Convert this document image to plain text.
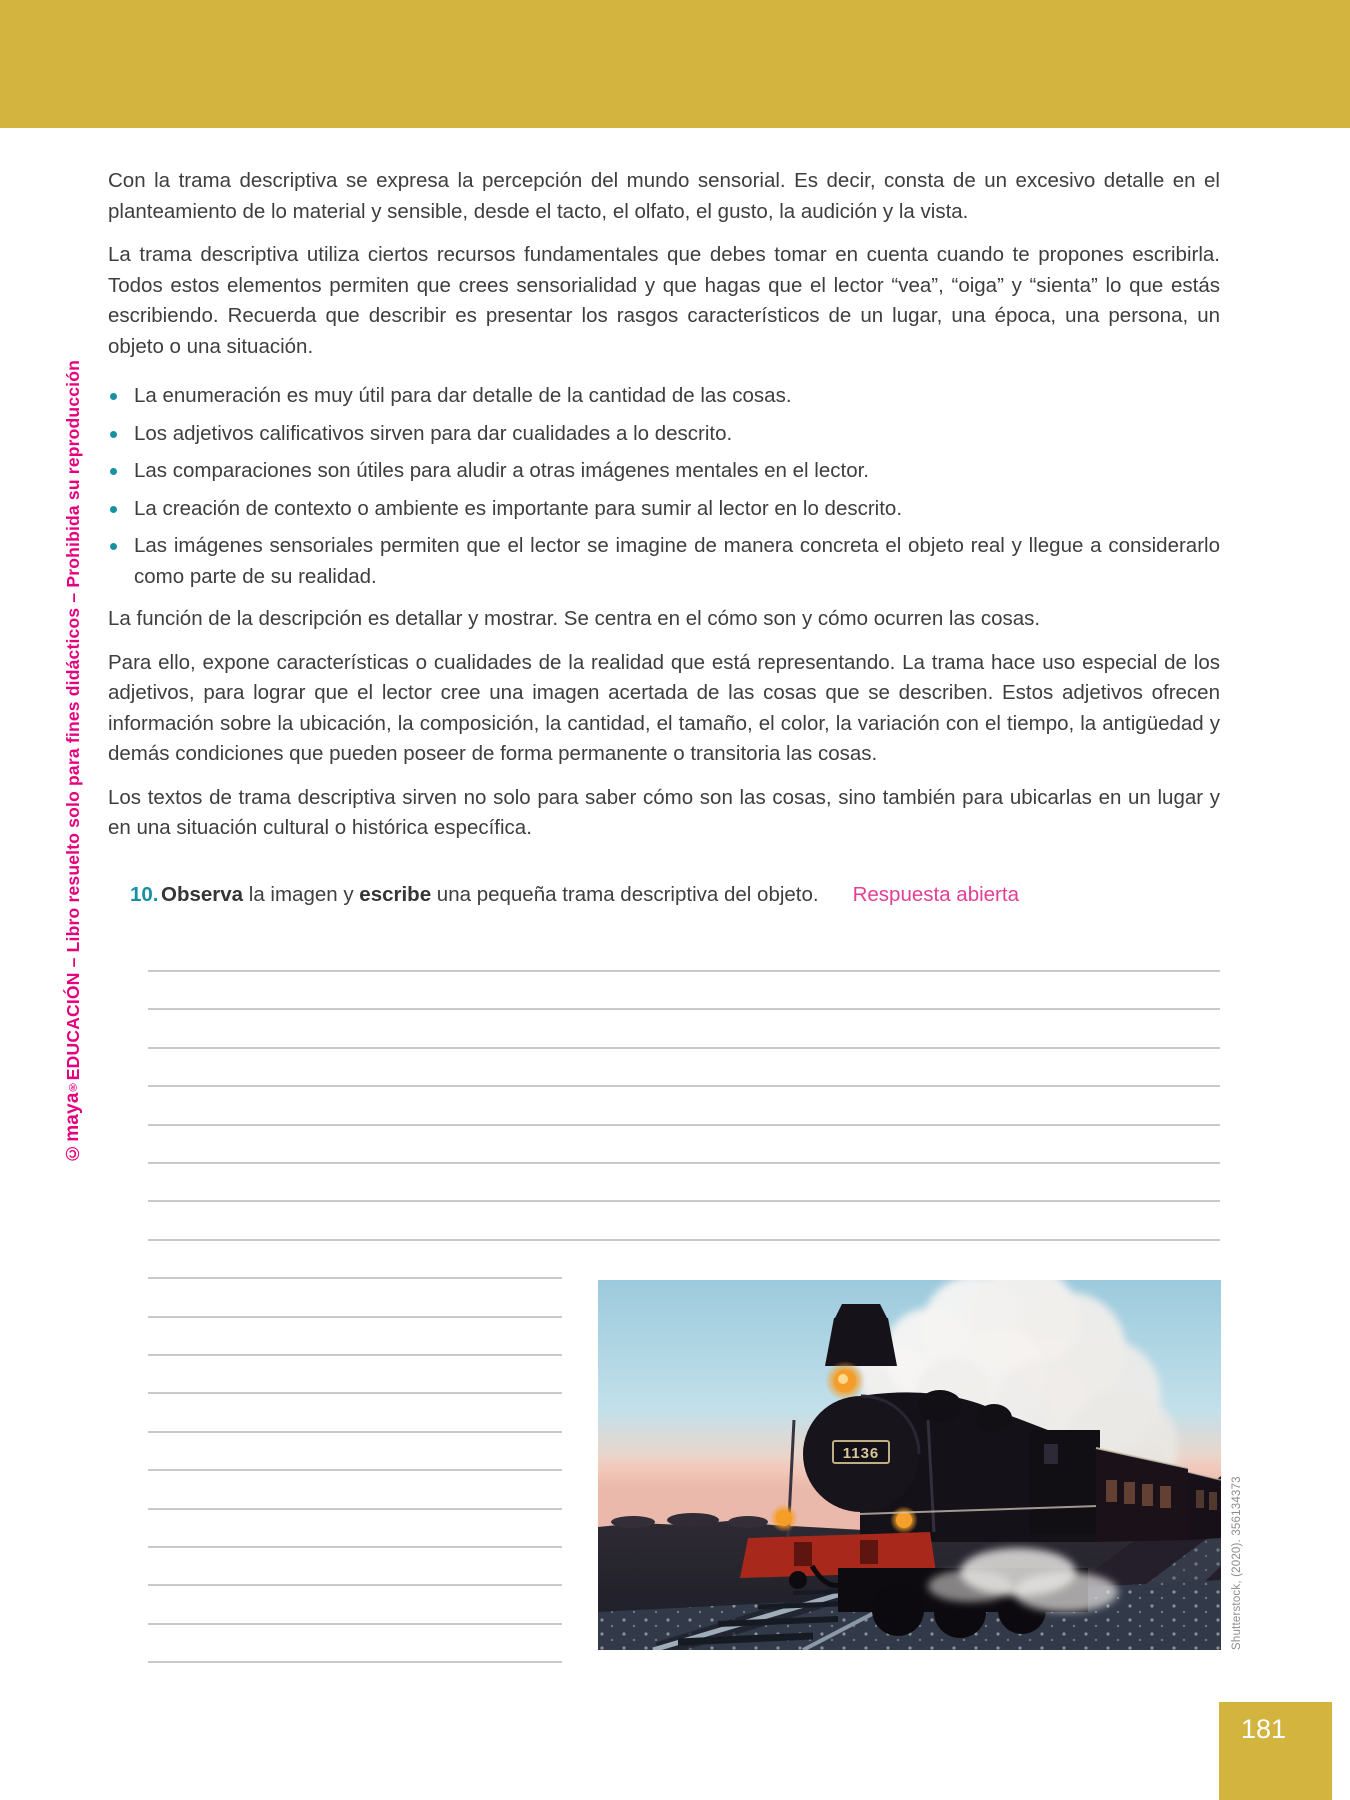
©maya®EDUCACIÓN – Libro resuelto solo para fines didácticos – Prohibida su reproducción

Con la trama descriptiva se expresa la percepción del mundo sensorial. Es decir, consta de un excesivo detalle en el planteamiento de lo material y sensible, desde el tacto, el olfato, el gusto, la audición y la vista.

La trama descriptiva utiliza ciertos recursos fundamentales que debes tomar en cuenta cuando te propones escribirla. Todos estos elementos permiten que crees sensorialidad y que hagas que el lector “vea”, “oiga” y “sienta” lo que estás escribiendo. Recuerda que describir es presentar los rasgos característicos de un lugar, una época, una persona, un objeto o una situación.

La enumeración es muy útil para dar detalle de la cantidad de las cosas.
Los adjetivos calificativos sirven para dar cualidades a lo descrito.
Las comparaciones son útiles para aludir a otras imágenes mentales en el lector.
La creación de contexto o ambiente es importante para sumir al lector en lo descrito.
Las imágenes sensoriales permiten que el lector se imagine de manera concreta el objeto real y llegue a considerarlo como parte de su realidad.

La función de la descripción es detallar y mostrar. Se centra en el cómo son y cómo ocurren las cosas.

Para ello, expone características o cualidades de la realidad que está representando. La trama hace uso especial de los adjetivos, para lograr que el lector cree una imagen acertada de las cosas que se describen. Estos adjetivos ofrecen información sobre la ubicación, la composición, la cantidad, el tamaño, el color, la variación con el tiempo, la antigüedad y demás condiciones que pueden poseer de forma permanente o transitoria las cosas.

Los textos de trama descriptiva sirven no solo para saber cómo son las cosas, sino también para ubicarlas en un lugar y en una situación cultural o histórica específica.

10. Observa la imagen y escribe una pequeña trama descriptiva del objeto. Respuesta abierta
1136
Shutterstock, (2020). 356134373
181
